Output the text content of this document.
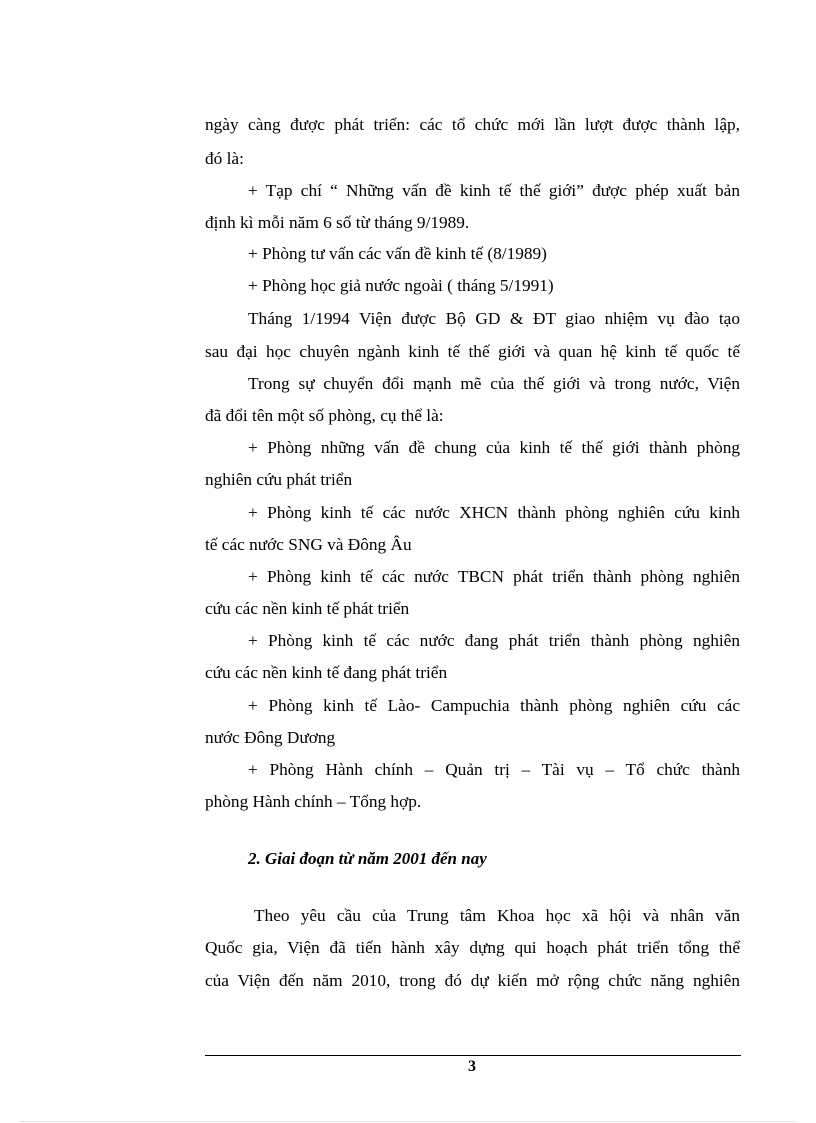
ngày càng được phát triển: các tổ chức mới lần lượt được thành lập,
đó là:
+ Tạp chí “ Những vấn đề kinh tế thế giới” được phép xuất bản
định kì mỗi năm 6 số từ tháng 9/1989.
+ Phòng tư vấn các vấn đề kinh tế (8/1989)
+ Phòng học giả nước ngoài ( tháng 5/1991)
Tháng 1/1994 Viện được Bộ GD & ĐT giao nhiệm vụ đào tạo
sau đại học chuyên ngành kinh tế thế giới và quan hệ kinh tế quốc tế
Trong sự chuyển đổi mạnh mẽ của thế giới và trong nước, Viện
đã đổi tên một số phòng, cụ thể là:
+ Phòng những vấn đề chung của kinh tế thế giới thành phòng
nghiên cứu phát triển
+ Phòng kinh tế các nước XHCN thành phòng nghiên cứu kinh
tế các nước SNG và Đông Âu
+ Phòng kinh tế các nước TBCN phát triển thành phòng nghiên
cứu các nền kinh tế phát triển
+ Phòng kinh tế các nước đang phát triển thành phòng nghiên
cứu các nền kinh tế đang phát triển
+ Phòng kinh tế Lào- Campuchia thành phòng nghiên cứu các
nước Đông Dương
+ Phòng Hành chính – Quản trị – Tài vụ – Tổ chức thành
phòng Hành chính – Tổng hợp.
2. Giai đoạn từ năm 2001 đến nay
Theo yêu cầu của Trung tâm Khoa học xã hội và nhân văn
Quốc gia, Viện đã tiến hành xây dựng qui hoạch phát triển tổng thể
của Viện đến năm 2010, trong đó dự kiến mở rộng chức năng nghiên
3
